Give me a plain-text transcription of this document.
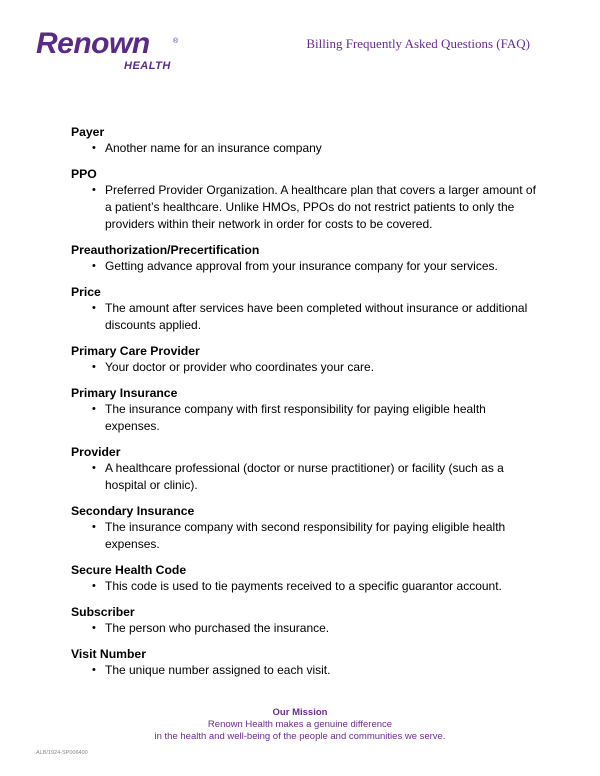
Renown	®
HEALTH
Billing Frequently Asked Questions (FAQ)
Payer
• Another name for an insurance company
PPO
• Preferred Provider Organization. A healthcare plan that covers a larger amount of a patient’s healthcare. Unlike HMOs, PPOs do not restrict patients to only the providers within their network in order for costs to be covered.
Preauthorization/Precertification
• Getting advance approval from your insurance company for your services.
Price
• The amount after services have been completed without insurance or additional discounts applied.
Primary Care Provider
• Your doctor or provider who coordinates your care.
Primary Insurance
• The insurance company with first responsibility for paying eligible health expenses.
Provider
• A healthcare professional (doctor or nurse practitioner) or facility (such as a hospital or clinic).
Secondary Insurance
• The insurance company with second responsibility for paying eligible health expenses.
Secure Health Code
• This code is used to tie payments received to a specific guarantor account.
Subscriber
• The person who purchased the insurance.
Visit Number
• The unique number assigned to each visit.
Our Mission
Renown Health makes a genuine difference
in the health and well-being of the people and communities we serve.
ALB/1924-SP006400
